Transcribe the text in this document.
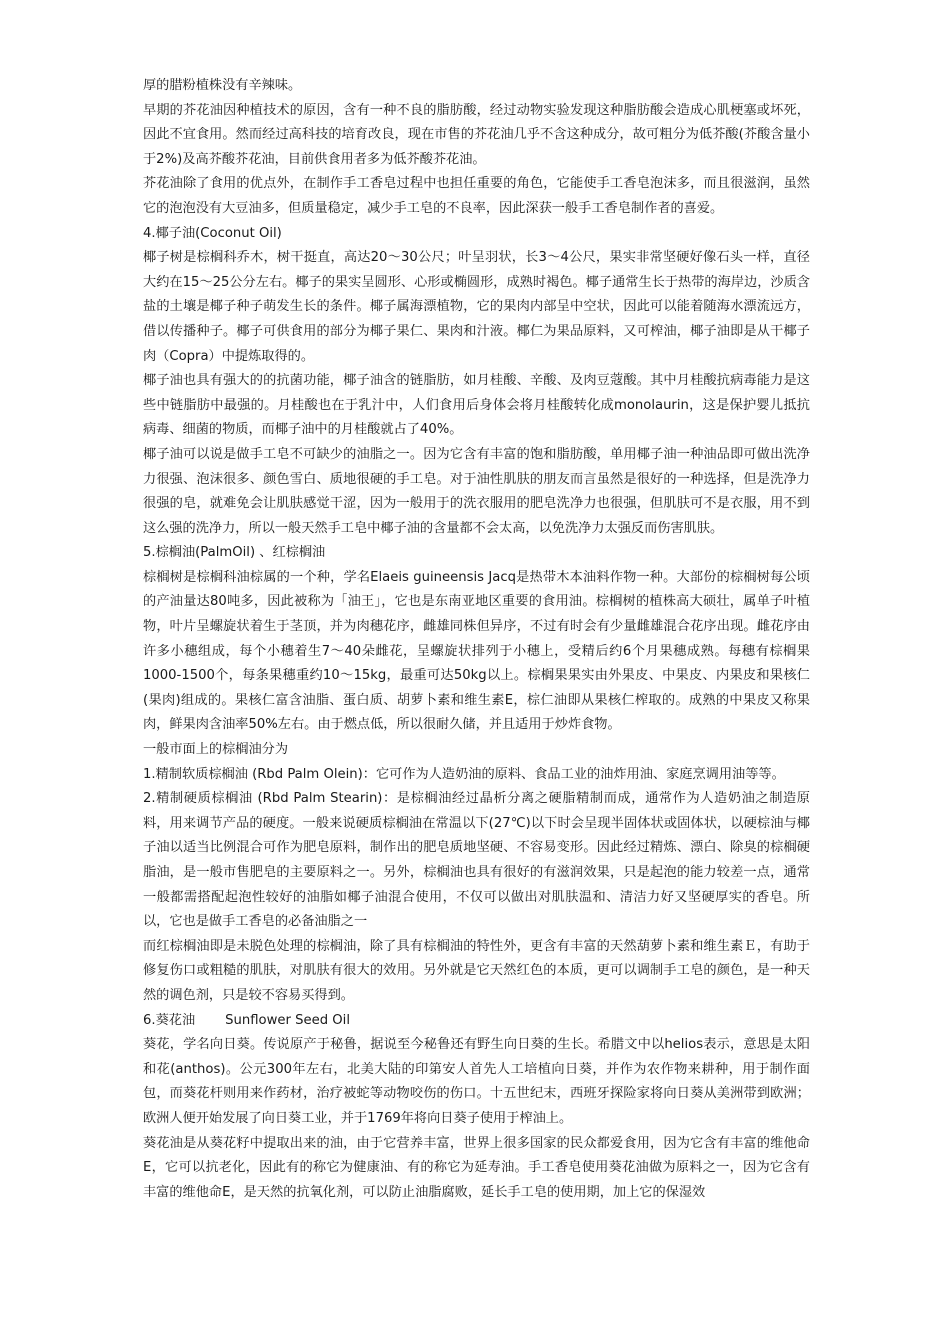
厚的腊粉植株没有辛辣味。

早期的芥花油因种植技术的原因，含有一种不良的脂肪酸，经过动物实验发现这种脂肪酸会造成心肌梗塞或坏死，因此不宜食用。然而经过高科技的培育改良，现在市售的芥花油几乎不含这种成分，故可粗分为低芥酸(芥酸含量小于2%)及高芥酸芥花油，目前供食用者多为低芥酸芥花油。

芥花油除了食用的优点外，在制作手工香皂过程中也担任重要的角色，它能使手工香皂泡沫多，而且很滋润，虽然它的泡泡没有大豆油多，但质量稳定，减少手工皂的不良率，因此深获一般手工香皂制作者的喜爱。

4.椰子油(Coconut Oil)

椰子树是棕榈科乔木，树干挺直，高达20～30公尺；叶呈羽状，长3～4公尺，果实非常坚硬好像石头一样，直径大约在15～25公分左右。椰子的果实呈圆形、心形或椭圆形，成熟时褐色。椰子通常生长于热带的海岸边，沙质含盐的土壤是椰子种子萌发生长的条件。椰子属海漂植物，它的果肉内部呈中空状，因此可以能着随海水漂流远方，借以传播种子。椰子可供食用的部分为椰子果仁、果肉和汁液。椰仁为果品原料，又可榨油，椰子油即是从干椰子肉（Copra）中提炼取得的。

椰子油也具有强大的的抗菌功能，椰子油含的链脂肪，如月桂酸、辛酸、及肉豆蔻酸。其中月桂酸抗病毒能力是这些中链脂肪中最强的。月桂酸也在于乳汁中，人们食用后身体会将月桂酸转化成monolaurin，这是保护婴儿抵抗病毒、细菌的物质，而椰子油中的月桂酸就占了40%。

椰子油可以说是做手工皂不可缺少的油脂之一。因为它含有丰富的饱和脂肪酸，单用椰子油一种油品即可做出洗净力很强、泡沫很多、颜色雪白、质地很硬的手工皂。对于油性肌肤的朋友而言虽然是很好的一种选择，但是洗净力很强的皂，就难免会让肌肤感觉干涩，因为一般用于的洗衣服用的肥皂洗净力也很强，但肌肤可不是衣服，用不到这么强的洗净力，所以一般天然手工皂中椰子油的含量都不会太高，以免洗净力太强反而伤害肌肤。

5.棕榈油(PalmOil) 、红棕榈油

棕榈树是棕榈科油棕属的一个种，学名Elaeis guineensis Jacq是热带木本油料作物一种。大部份的棕榈树每公顷的产油量达80吨多，因此被称为「油王」，它也是东南亚地区重要的食用油。棕榈树的植株高大硕壮，属单子叶植物，叶片呈螺旋状着生于茎顶，并为肉穗花序，雌雄同株但异序，不过有时会有少量雌雄混合花序出现。雌花序由许多小穗组成，每个小穗着生7～40朵雌花，呈螺旋状排列于小穗上，受精后约6个月果穗成熟。每穗有棕榈果1000-1500个，每条果穗重约10～15kg，最重可达50kg以上。棕榈果果实由外果皮、中果皮、内果皮和果核仁(果肉)组成的。果核仁富含油脂、蛋白质、胡萝卜素和维生素E，棕仁油即从果核仁榨取的。成熟的中果皮又称果肉，鲜果肉含油率50%左右。由于燃点低，所以很耐久储，并且适用于炒炸食物。

一般市面上的棕榈油分为

1.精制软质棕榈油 (Rbd Palm Olein)：它可作为人造奶油的原料、食品工业的油炸用油、家庭烹调用油等等。

2.精制硬质棕榈油 (Rbd Palm Stearin)：是棕榈油经过晶析分离之硬脂精制而成，通常作为人造奶油之制造原料，用来调节产品的硬度。一般来说硬质棕榈油在常温以下(27℃)以下时会呈现半固体状或固体状，以硬棕油与椰子油以适当比例混合可作为肥皂原料，制作出的肥皂质地坚硬、不容易变形。因此经过精炼、漂白、除臭的棕榈硬脂油，是一般市售肥皂的主要原料之一。另外，棕榈油也具有很好的有滋润效果，只是起泡的能力较差一点，通常一般都需搭配起泡性较好的油脂如椰子油混合使用，不仅可以做出对肌肤温和、清洁力好又坚硬厚实的香皂。所以，它也是做手工香皂的必备油脂之一

而红棕榈油即是未脱色处理的棕榈油，除了具有棕榈油的特性外，更含有丰富的天然葫萝卜素和维生素Ｅ，有助于修复伤口或粗糙的肌肤，对肌肤有很大的效用。另外就是它天然红色的本质，更可以调制手工皂的颜色，是一种天然的调色剂，只是较不容易买得到。

6.葵花油 Sunflower Seed Oil

葵花，学名向日葵。传说原产于秘鲁，据说至今秘鲁还有野生向日葵的生长。希腊文中以helios表示，意思是太阳和花(anthos)。公元300年左右，北美大陆的印第安人首先人工培植向日葵，并作为农作物来耕种，用于制作面包，而葵花杆则用来作药材，治疗被蛇等动物咬伤的伤口。十五世纪末，西班牙探险家将向日葵从美洲带到欧洲；欧洲人便开始发展了向日葵工业，并于1769年将向日葵子使用于榨油上。

葵花油是从葵花籽中提取出来的油，由于它营养丰富，世界上很多国家的民众都爱食用，因为它含有丰富的维他命E，它可以抗老化，因此有的称它为健康油、有的称它为延寿油。手工香皂使用葵花油做为原料之一，因为它含有丰富的维他命E，是天然的抗氧化剂，可以防止油脂腐败，延长手工皂的使用期，加上它的保湿效
